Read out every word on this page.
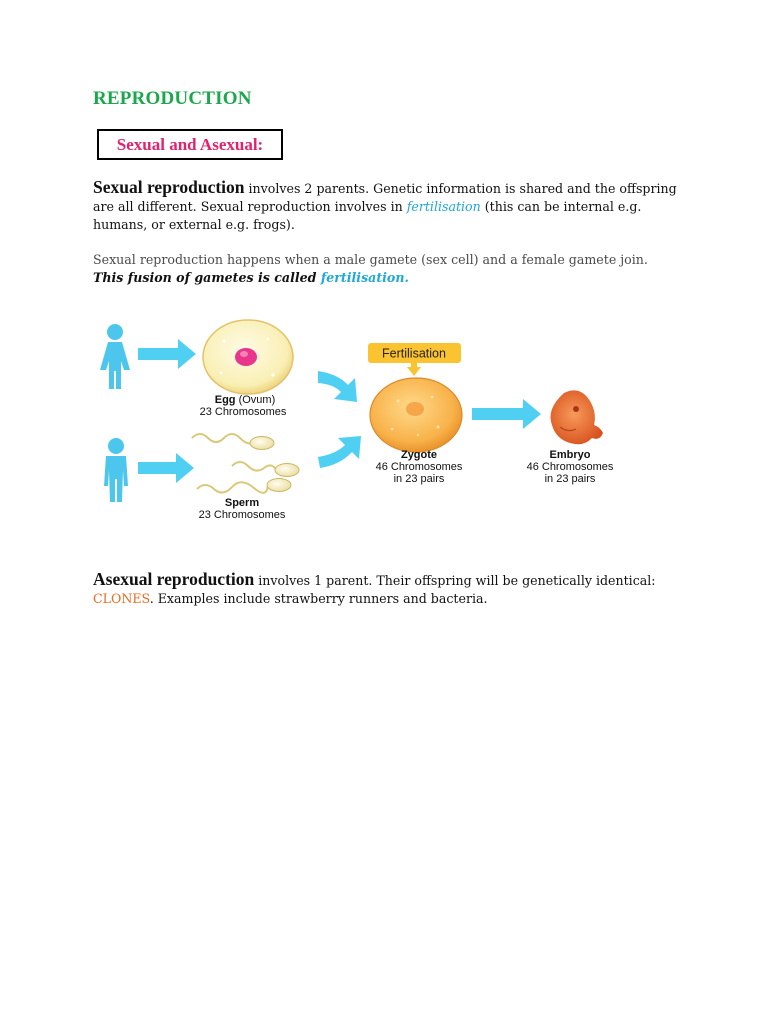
REPRODUCTION
Sexual and Asexual:

Sexual reproduction involves 2 parents. Genetic information is shared and the offspring are all different. Sexual reproduction involves in fertilisation (this can be internal e.g. humans, or external e.g. frogs).

Sexual reproduction happens when a male gamete (sex cell) and a female gamete join.
This fusion of gametes is called fertilisation.

Egg (Ovum)
23 Chromosomes
Sperm
23 Chromosomes
Fertilisation
Zygote
46 Chromosomes
in 23 pairs
Embryo
46 Chromosomes
in 23 pairs

Asexual reproduction involves 1 parent. Their offspring will be genetically identical: CLONES. Examples include strawberry runners and bacteria.
